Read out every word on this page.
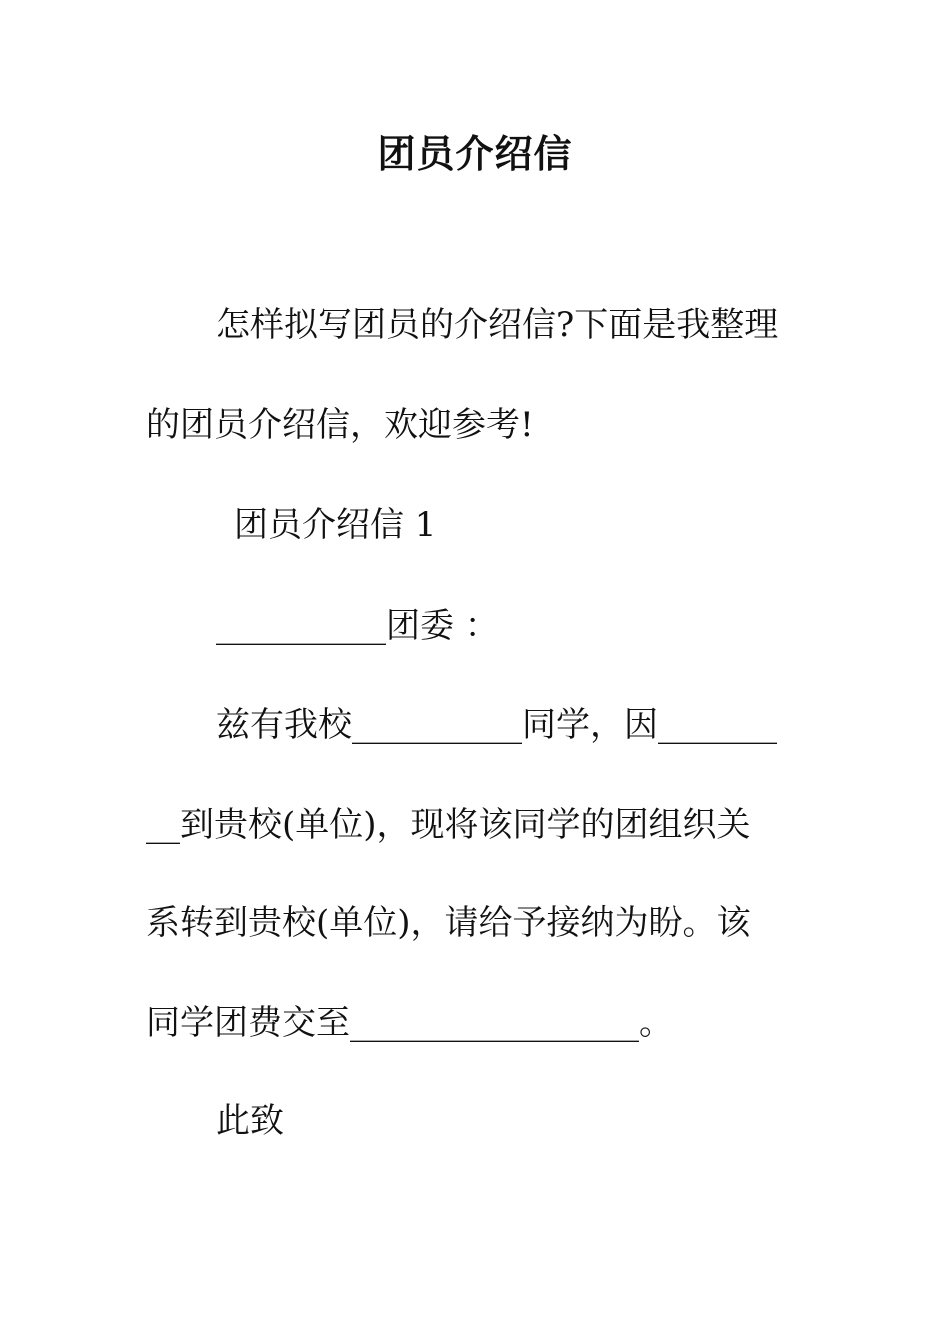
团员介绍信
怎样拟写团员的介绍信?下面是我整理
的团员介绍信，欢迎参考!
团员介绍信 1
__________团委 ：
兹有我校__________同学，因_______
__到贵校(单位)，现将该同学的团组织关
系转到贵校(单位)，请给予接纳为盼。该
同学团费交至_________________。
此致
